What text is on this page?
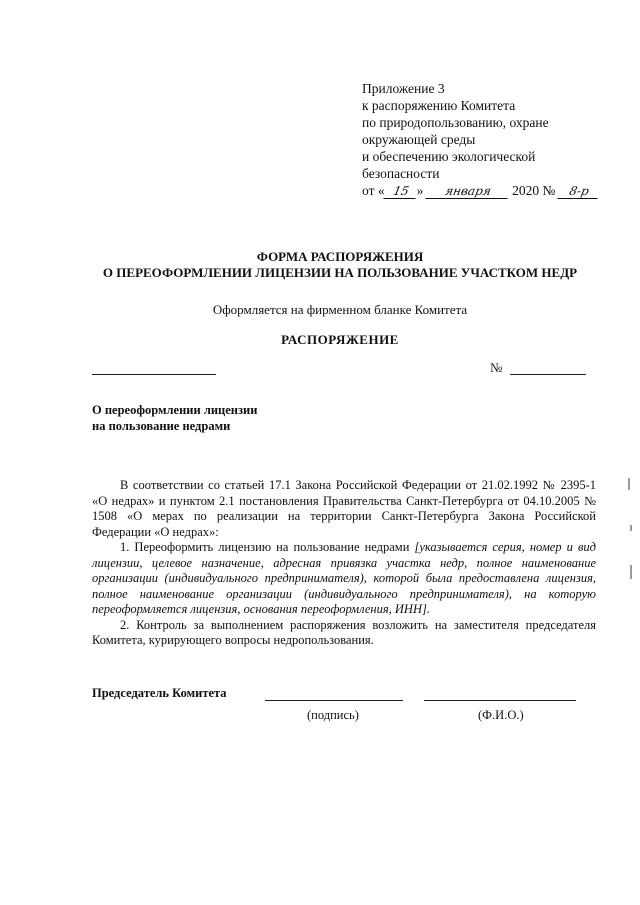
Приложение 3
к распоряжению Комитета
по природопользованию, охране
окружающей среды
и обеспечению экологической
безопасности
от « 15 » января 2020 № 8-р
ФОРМА РАСПОРЯЖЕНИЯ
О ПЕРЕОФОРМЛЕНИИ ЛИЦЕНЗИИ НА ПОЛЬЗОВАНИЕ УЧАСТКОМ НЕДР
Оформляется на фирменном бланке Комитета
РАСПОРЯЖЕНИЕ
№
О переоформлении лицензии
на пользование недрами

В соответствии со статьей 17.1 Закона Российской Федерации от 21.02.1992 № 2395-1 «О недрах» и пунктом 2.1 постановления Правительства Санкт-Петербурга от 04.10.2005 № 1508 «О мерах по реализации на территории Санкт-Петербурга Закона Российской Федерации «О недрах»:

1. Переоформить лицензию на пользование недрами [указывается серия, номер и вид лицензии, целевое назначение, адресная привязка участка недр, полное наименование организации (индивидуального предпринимателя), которой была предоставлена лицензия, полное наименование организации (индивидуального предпринимателя), на которую переоформляется лицензия, основания переоформления, ИНН].

2. Контроль за выполнением распоряжения возложить на заместителя председателя Комитета, курирующего вопросы недропользования.

Председатель Комитета
(подпись)	(Ф.И.О.)
